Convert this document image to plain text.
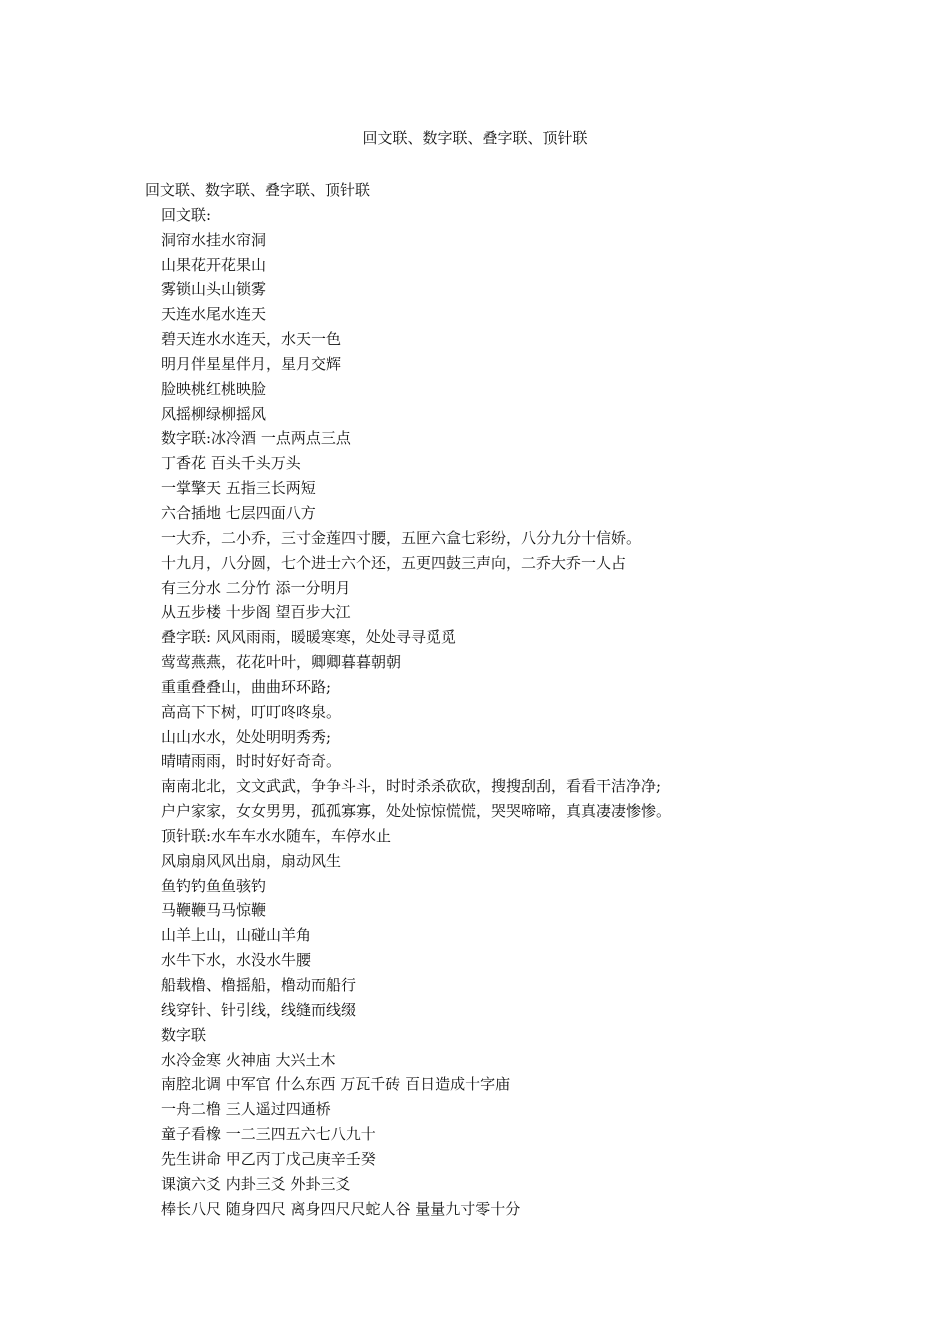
回文联、数字联、叠字联、顶针联
回文联、数字联、叠字联、顶针联
回文联:
洞帘水挂水帘洞
山果花开花果山
雾锁山头山锁雾
天连水尾水连天
碧天连水水连天，水天一色
明月伴星星伴月，星月交辉
脸映桃红桃映脸
风摇柳绿柳摇风
数字联:冰冷酒 一点两点三点
丁香花 百头千头万头
一掌擎天 五指三长两短
六合插地 七层四面八方
一大乔，二小乔，三寸金莲四寸腰，五匣六盒七彩纷，八分九分十信娇。
十九月，八分圆，七个进士六个还，五更四鼓三声向，二乔大乔一人占
有三分水 二分竹 添一分明月
从五步楼 十步阁 望百步大江
叠字联: 风风雨雨，暖暖寒寒，处处寻寻觅觅
莺莺燕燕，花花叶叶，卿卿暮暮朝朝
重重叠叠山，曲曲环环路;
高高下下树，叮叮咚咚泉。
山山水水，处处明明秀秀;
晴晴雨雨，时时好好奇奇。
南南北北，文文武武，争争斗斗，时时杀杀砍砍，搜搜刮刮，看看干洁净净;
户户家家，女女男男，孤孤寡寡，处处惊惊慌慌，哭哭啼啼，真真凄凄惨惨。
顶针联:水车车水水随车，车停水止
风扇扇风风出扇，扇动风生
鱼钓钓鱼鱼骇钓
马鞭鞭马马惊鞭
山羊上山，山碰山羊角
水牛下水，水没水牛腰
船载橹、橹摇船，橹动而船行
线穿针、针引线，线缝而线缀
数字联
水冷金寒 火神庙 大兴土木
南腔北调 中军官 什么东西 万瓦千砖 百日造成十字庙
一舟二橹 三人遥过四通桥
童子看橡 一二三四五六七八九十
先生讲命 甲乙丙丁戊己庚辛壬癸
课演六爻 内卦三爻 外卦三爻
棒长八尺 随身四尺 离身四尺尺蛇人谷 量量九寸零十分
